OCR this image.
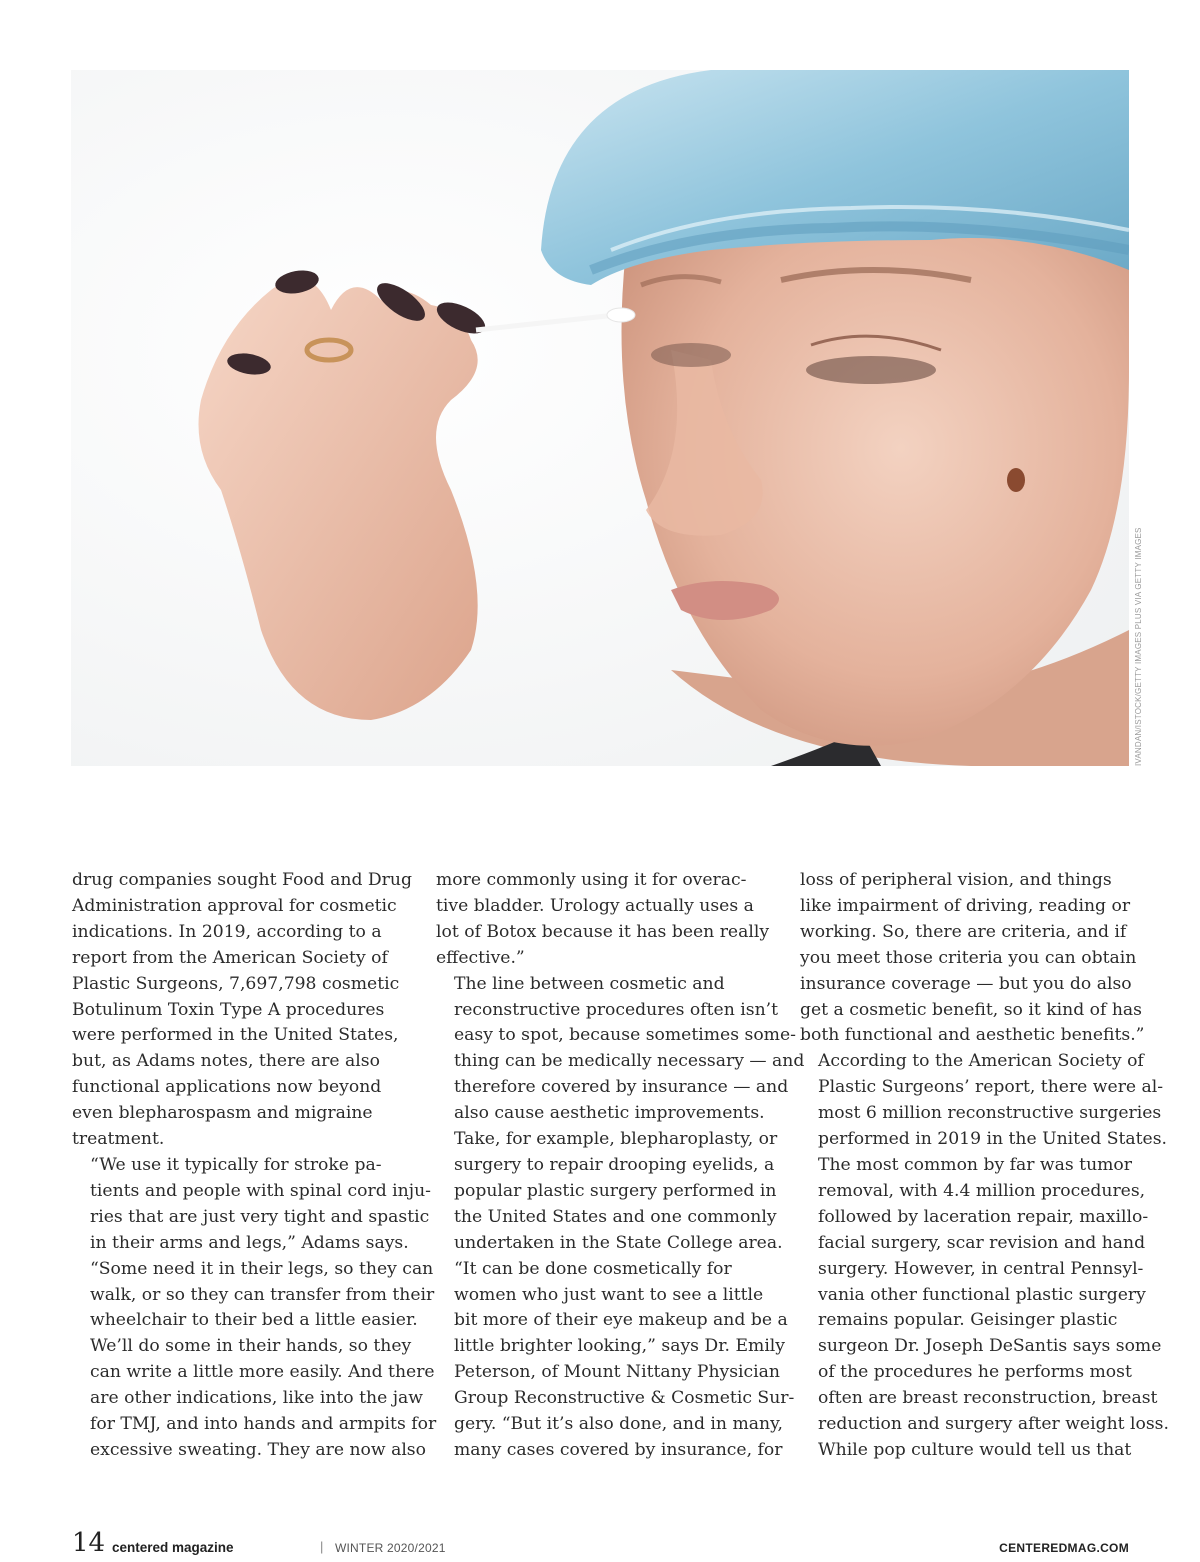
IVANDAN/ISTOCK/GETTY IMAGES PLUS VIA GETTY IMAGES

drug companies sought Food and Drug
Administration approval for cosmetic
indications. In 2019, according to a
report from the American Society of
Plastic Surgeons, 7,697,798 cosmetic
Botulinum Toxin Type A procedures
were performed in the United States,
but, as Adams notes, there are also
functional applications now beyond
even blepharospasm and migraine
treatment.

“We use it typically for stroke pa-
tients and people with spinal cord inju-
ries that are just very tight and spastic
in their arms and legs,” Adams says.
“Some need it in their legs, so they can
walk, or so they can transfer from their
wheelchair to their bed a little easier.
We’ll do some in their hands, so they
can write a little more easily. And there
are other indications, like into the jaw
for TMJ, and into hands and armpits for
excessive sweating. They are now also

more commonly using it for overac-
tive bladder. Urology actually uses a
lot of Botox because it has been really
effective.”

The line between cosmetic and
reconstructive procedures often isn’t
easy to spot, because sometimes some-
thing can be medically necessary — and
therefore covered by insurance — and
also cause aesthetic improvements.
Take, for example, blepharoplasty, or
surgery to repair drooping eyelids, a
popular plastic surgery performed in
the United States and one commonly
undertaken in the State College area.

“It can be done cosmetically for
women who just want to see a little
bit more of their eye makeup and be a
little brighter looking,” says Dr. Emily
Peterson, of Mount Nittany Physician
Group Reconstructive & Cosmetic Sur-
gery. “But it’s also done, and in many,
many cases covered by insurance, for

loss of peripheral vision, and things
like impairment of driving, reading or
working. So, there are criteria, and if
you meet those criteria you can obtain
insurance coverage — but you do also
get a cosmetic benefit, so it kind of has
both functional and aesthetic benefits.”

According to the American Society of
Plastic Surgeons’ report, there were al-
most 6 million reconstructive surgeries
performed in 2019 in the United States.
The most common by far was tumor
removal, with 4.4 million procedures,
followed by laceration repair, maxillo-
facial surgery, scar revision and hand
surgery. However, in central Pennsyl-
vania other functional plastic surgery
remains popular. Geisinger plastic
surgeon Dr. Joseph DeSantis says some
of the procedures he performs most
often are breast reconstruction, breast
reduction and surgery after weight loss.

While pop culture would tell us that

14 centered magazine	| WINTER 2020/2021	CENTEREDMAG.COM
